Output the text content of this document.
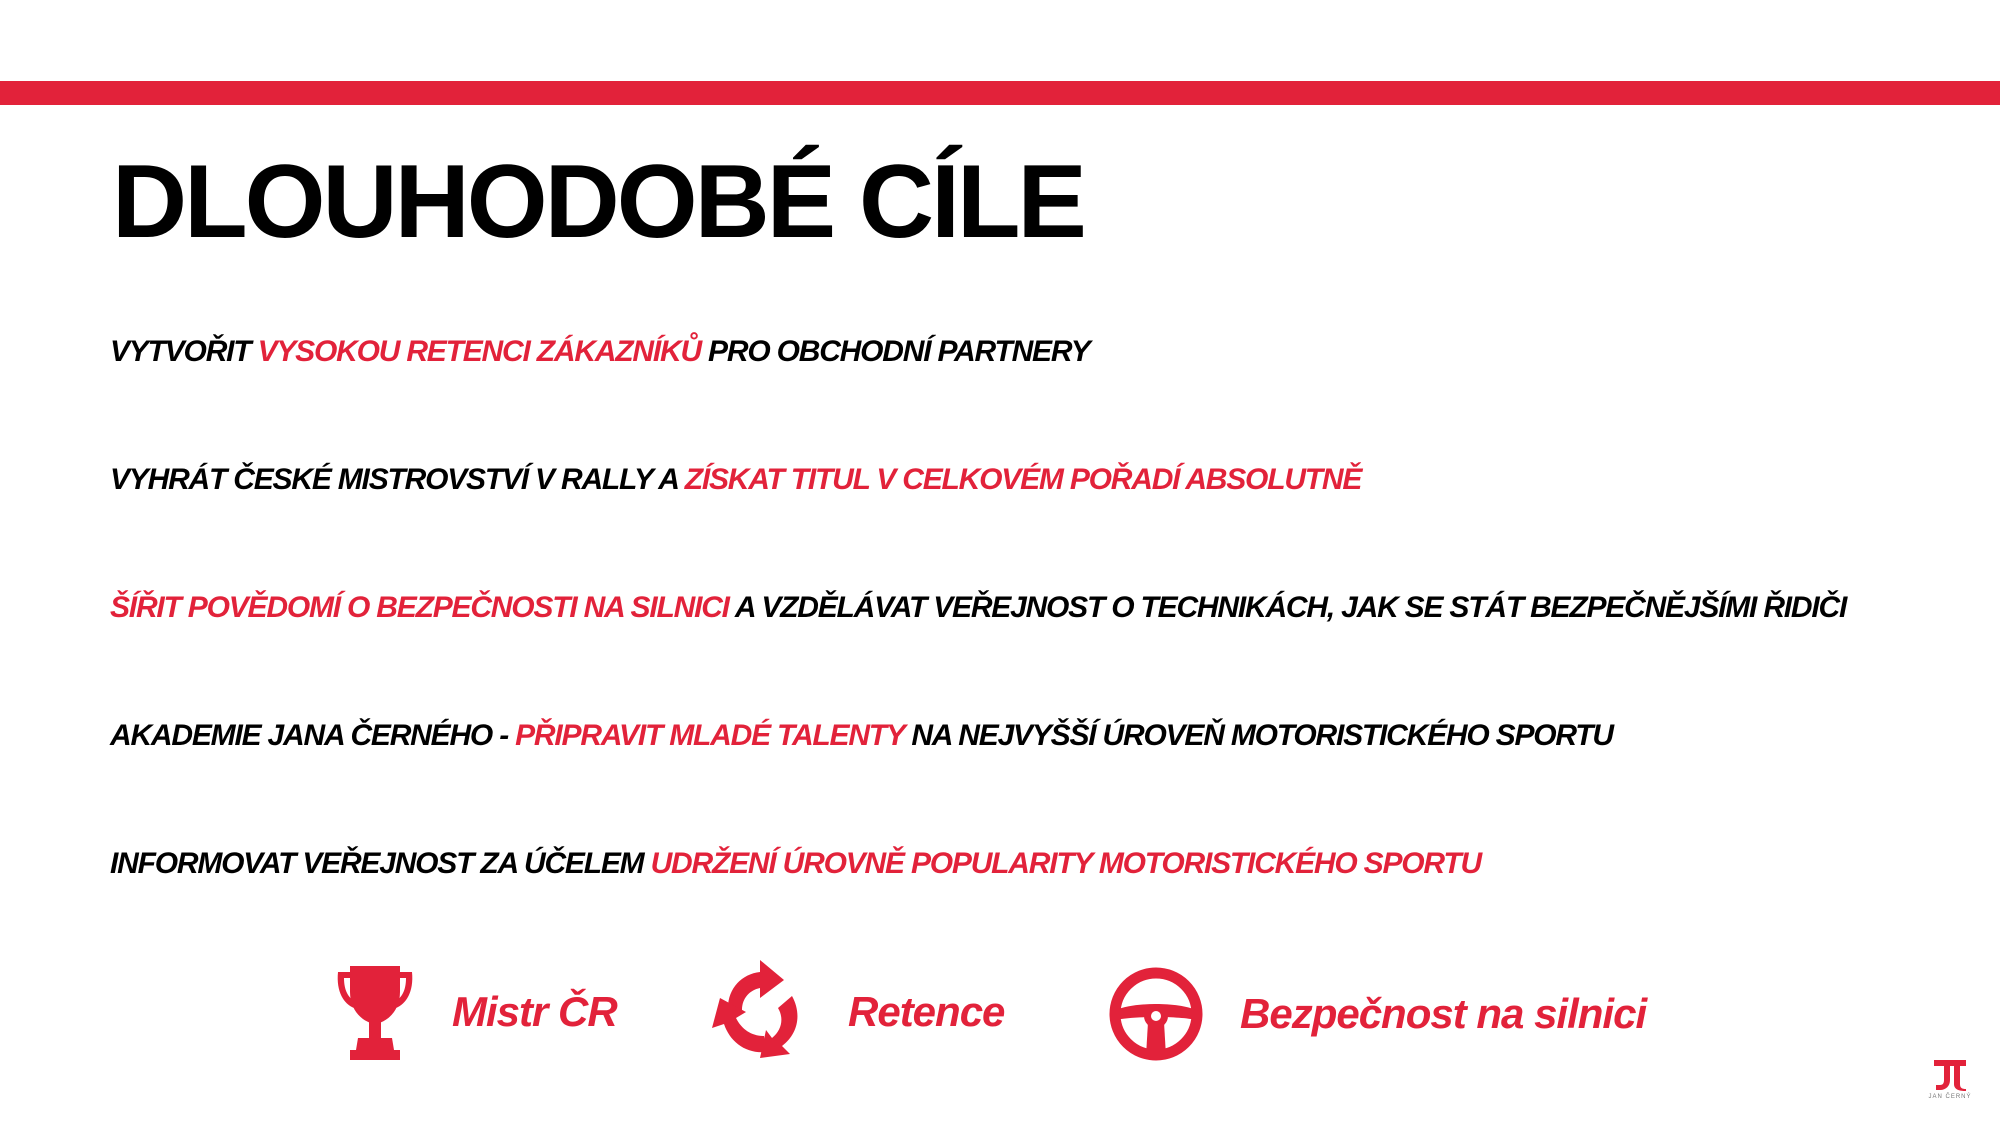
DLOUHODOBÉ CÍLE

VYTVOŘIT VYSOKOU RETENCI ZÁKAZNÍKŮ PRO OBCHODNÍ PARTNERY

VYHRÁT ČESKÉ MISTROVSTVÍ V RALLY A ZÍSKAT TITUL V CELKOVÉM POŘADÍ ABSOLUTNĚ

ŠÍŘIT POVĚDOMÍ O BEZPEČNOSTI NA SILNICI A VZDĚLÁVAT VEŘEJNOST O TECHNIKÁCH, JAK SE STÁT BEZPEČNĚJŠÍMI ŘIDIČI

AKADEMIE JANA ČERNÉHO - PŘIPRAVIT MLADÉ TALENTY NA NEJVYŠŠÍ ÚROVEŇ MOTORISTICKÉHO SPORTU

INFORMOVAT VEŘEJNOST ZA ÚČELEM UDRŽENÍ ÚROVNĚ POPULARITY MOTORISTICKÉHO SPORTU

Mistr ČR	Retence	Bezpečnost na silnici
JAN ČERNÝ
